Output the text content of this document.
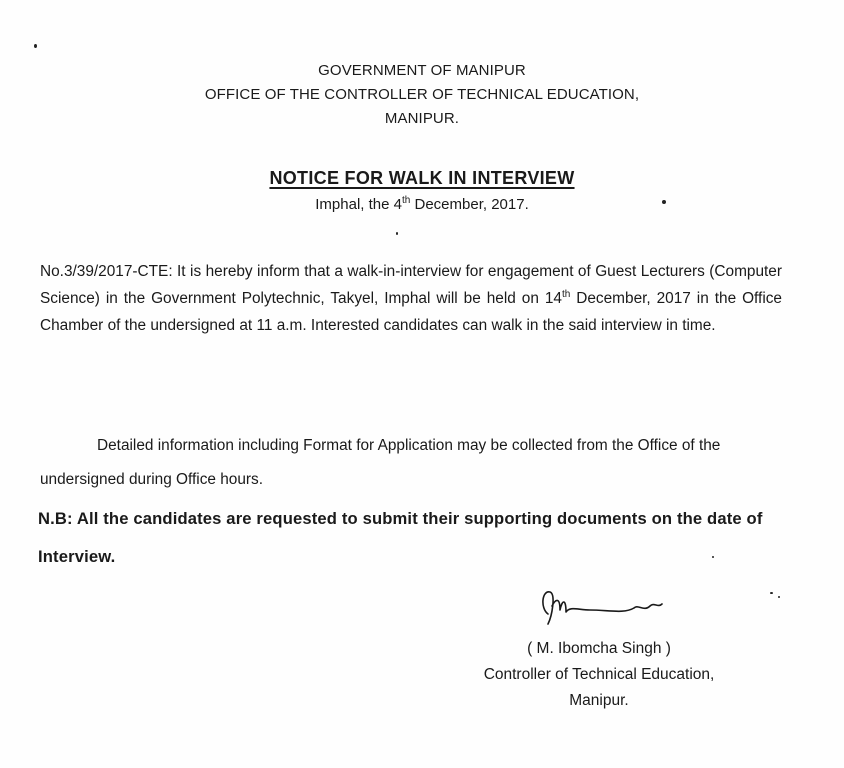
GOVERNMENT OF MANIPUR
OFFICE OF THE CONTROLLER OF TECHNICAL EDUCATION,
MANIPUR.
NOTICE FOR WALK IN INTERVIEW
Imphal, the 4th December, 2017.
No.3/39/2017-CTE: It is hereby inform that a walk-in-interview for engagement of Guest Lecturers (Computer Science) in the Government Polytechnic, Takyel, Imphal will be held on 14th December, 2017 in the Office Chamber of the undersigned at 11 a.m. Interested candidates can walk in the said interview in time.
Detailed information including Format for Application may be collected from the Office of the undersigned during Office hours.
N.B: All the candidates are requested to submit their supporting documents on the date of Interview.
( M. Ibomcha Singh )
Controller of Technical Education,
Manipur.
